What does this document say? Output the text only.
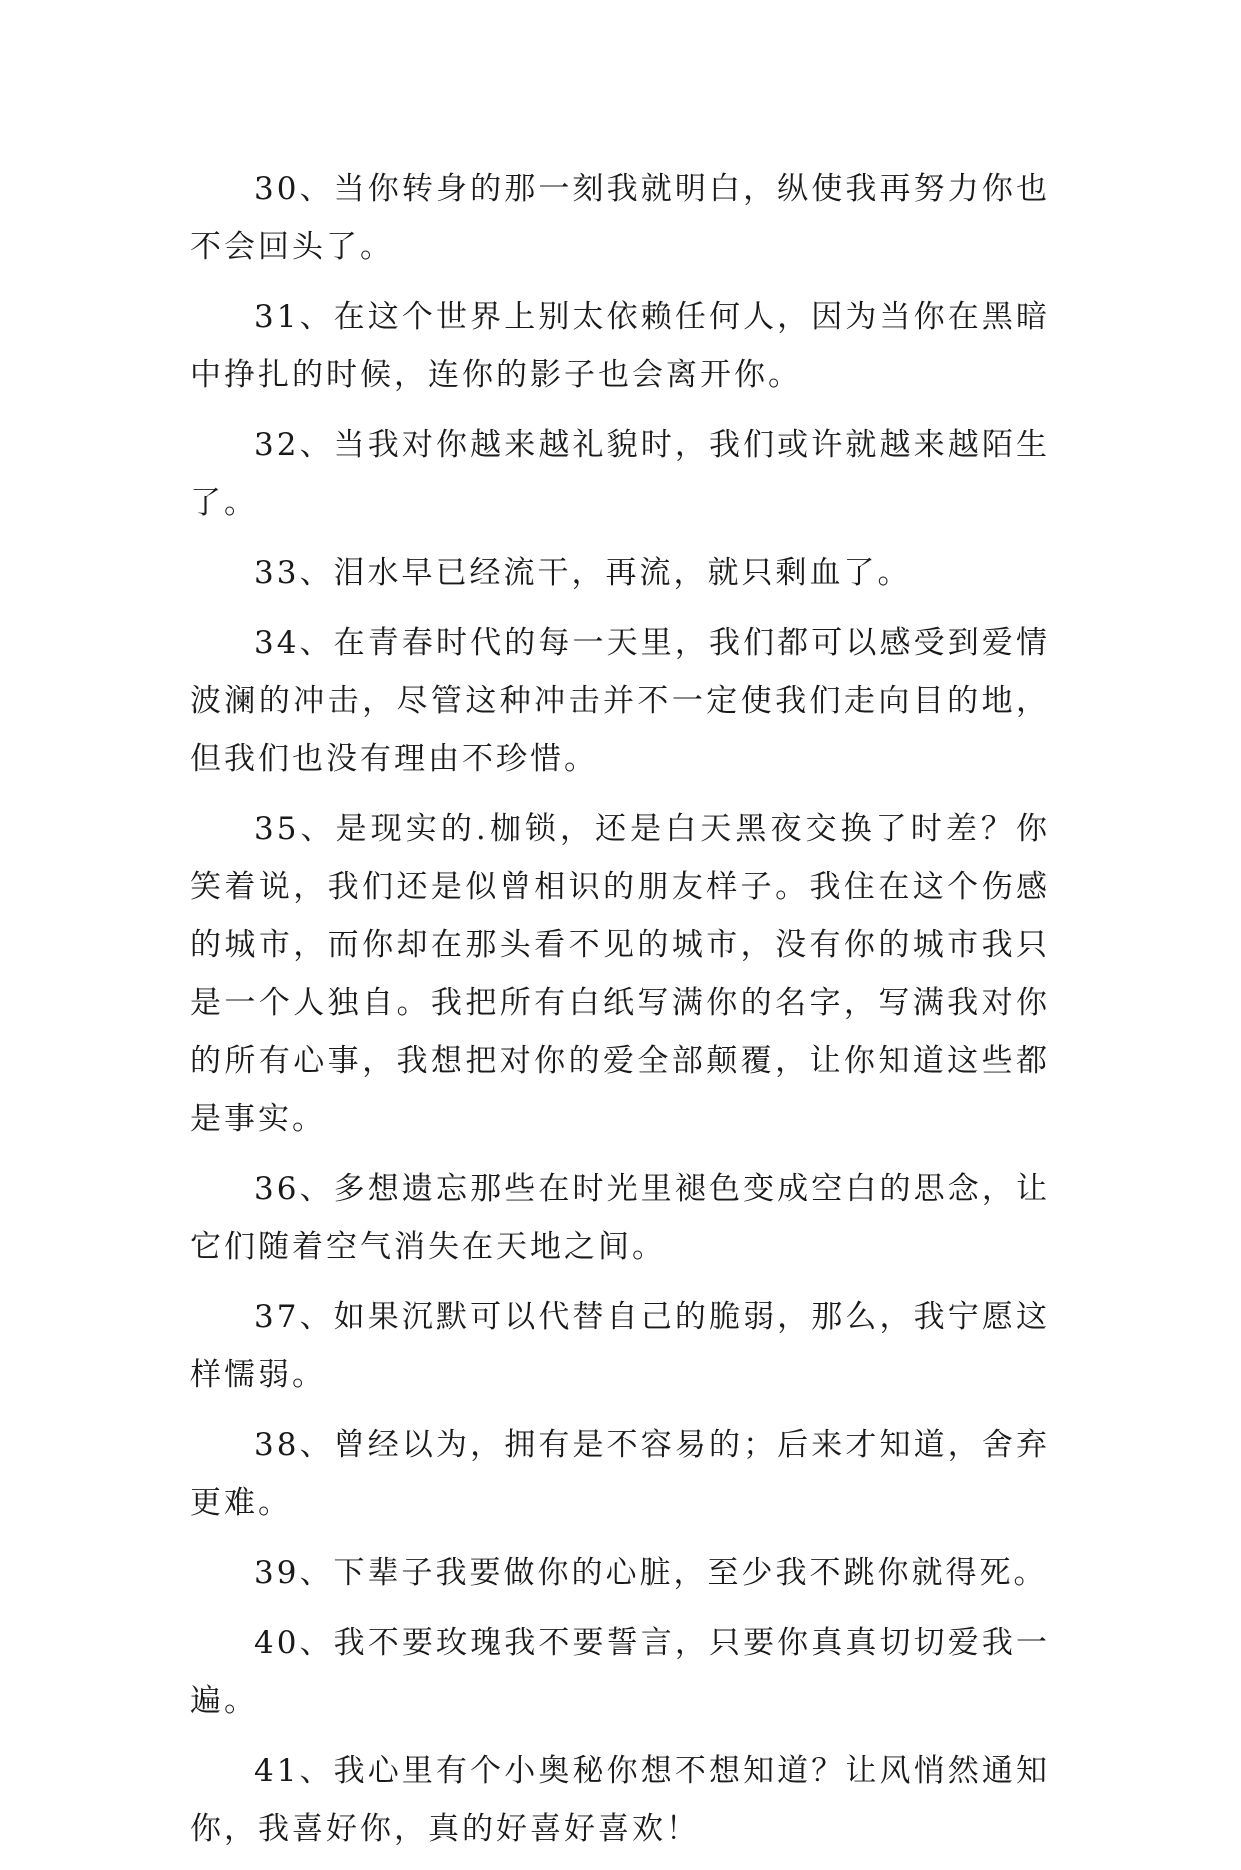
30、当你转身的那一刻我就明白，纵使我再努力你也不会回头了。

31、在这个世界上别太依赖任何人，因为当你在黑暗中挣扎的时候，连你的影子也会离开你。

32、当我对你越来越礼貌时，我们或许就越来越陌生了。

33、泪水早已经流干，再流，就只剩血了。

34、在青春时代的每一天里，我们都可以感受到爱情波澜的冲击，尽管这种冲击并不一定使我们走向目的地，但我们也没有理由不珍惜。

35、是现实的.枷锁，还是白天黑夜交换了时差？你笑着说，我们还是似曾相识的朋友样子。我住在这个伤感的城市，而你却在那头看不见的城市，没有你的城市我只是一个人独自。我把所有白纸写满你的名字，写满我对你的所有心事，我想把对你的爱全部颠覆，让你知道这些都是事实。

36、多想遗忘那些在时光里褪色变成空白的思念，让它们随着空气消失在天地之间。

37、如果沉默可以代替自己的脆弱，那么，我宁愿这样懦弱。

38、曾经以为，拥有是不容易的；后来才知道，舍弃更难。

39、下辈子我要做你的心脏，至少我不跳你就得死。

40、我不要玫瑰我不要誓言，只要你真真切切爱我一遍。

41、我心里有个小奥秘你想不想知道？让风悄然通知你，我喜好你，真的好喜好喜欢！
